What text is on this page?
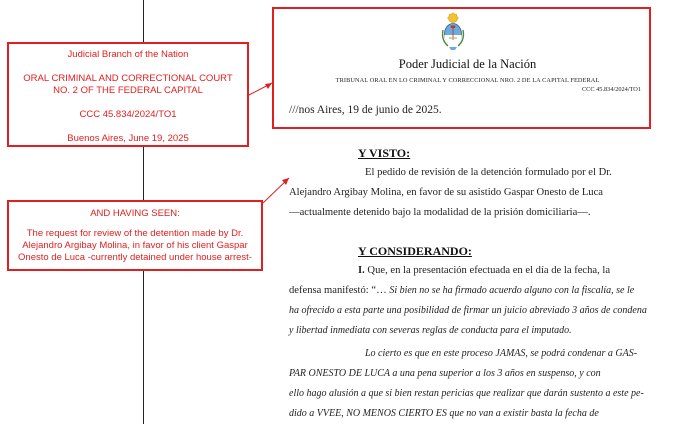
Judicial Branch of the Nation
ORAL CRIMINAL AND CORRECTIONAL COURT
NO. 2 OF THE FEDERAL CAPITAL
CCC 45.834/2024/TO1
Buenos Aires, June 19, 2025
AND HAVING SEEN:
The request for review of the detention made by Dr.
Alejandro Argibay Molina, in favor of his client Gaspar
Onesto de Luca -currently detained under house arrest-
Poder Judicial de la Nación
TRIBUNAL ORAL EN LO CRIMINAL Y CORRECCIONAL NRO. 2 DE LA CAPITAL FEDERAL
CCC 45.834/2024/TO1
///nos Aires, 19 de junio de 2025.
Y VISTO:
El pedido de revisión de la detención formulado por el Dr.
Alejandro Argibay Molina, en favor de su asistido Gaspar Onesto de Luca
—actualmente detenido bajo la modalidad de la prisión domiciliaria—.
Y CONSIDERANDO:
I. Que, en la presentación efectuada en el día de la fecha, la
defensa manifestó: “… Si bien no se ha firmado acuerdo alguno con la fiscalía, se le
ha ofrecido a esta parte una posibilidad de firmar un juicio abreviado 3 años de condena
y libertad inmediata con severas reglas de conducta para el imputado.
Lo cierto es que en este proceso JAMAS, se podrá condenar a GAS-
PAR ONESTO DE LUCA a una pena superior a los 3 años en suspenso, y con
ello hago alusión a que si bien restan pericias que realizar que darán sustento a este pe-
dido a VVEE, NO MENOS CIERTO ES que no van a existir basta la fecha de
